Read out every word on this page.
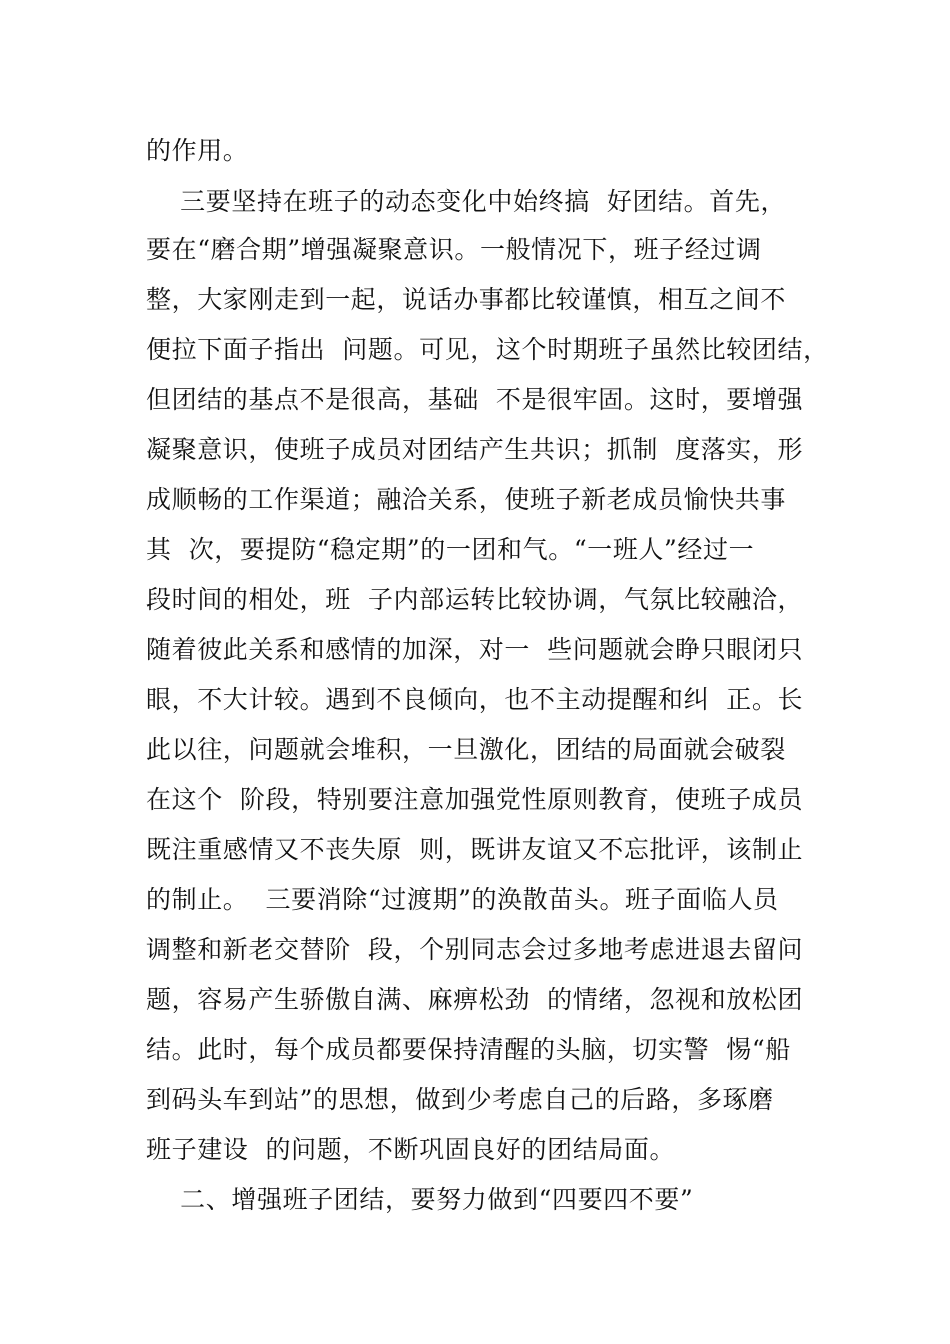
的作用。
三要坚持在班子的动态变化中始终搞  好团结。首先，
要在“磨合期”增强凝聚意识。一般情况下，班子经过调
整，大家刚走到一起，说话办事都比较谨慎，相互之间不
便拉下面子指出  问题。可见，这个时期班子虽然比较团结，
但团结的基点不是很高，基础  不是很牢固。这时，要增强
凝聚意识，使班子成员对团结产生共识；抓制  度落实，形
成顺畅的工作渠道；融洽关系，使班子新老成员愉快共事
其  次，要提防“稳定期”的一团和气。“一班人”经过一
段时间的相处，班  子内部运转比较协调，气氛比较融洽，
随着彼此关系和感情的加深，对一  些问题就会睁只眼闭只
眼，不大计较。遇到不良倾向，也不主动提醒和纠  正。长
此以往，问题就会堆积，一旦激化，团结的局面就会破裂
在这个  阶段，特别要注意加强党性原则教育，使班子成员
既注重感情又不丧失原  则，既讲友谊又不忘批评，该制止
的制止。  三要消除“过渡期”的涣散苗头。班子面临人员
调整和新老交替阶  段，个别同志会过多地考虑进退去留问
题，容易产生骄傲自满、麻痹松劲  的情绪，忽视和放松团
结。此时，每个成员都要保持清醒的头脑，切实警  惕“船
到码头车到站”的思想，做到少考虑自己的后路，多琢磨
班子建设  的问题，不断巩固良好的团结局面。
二、增强班子团结，要努力做到“四要四不要”
